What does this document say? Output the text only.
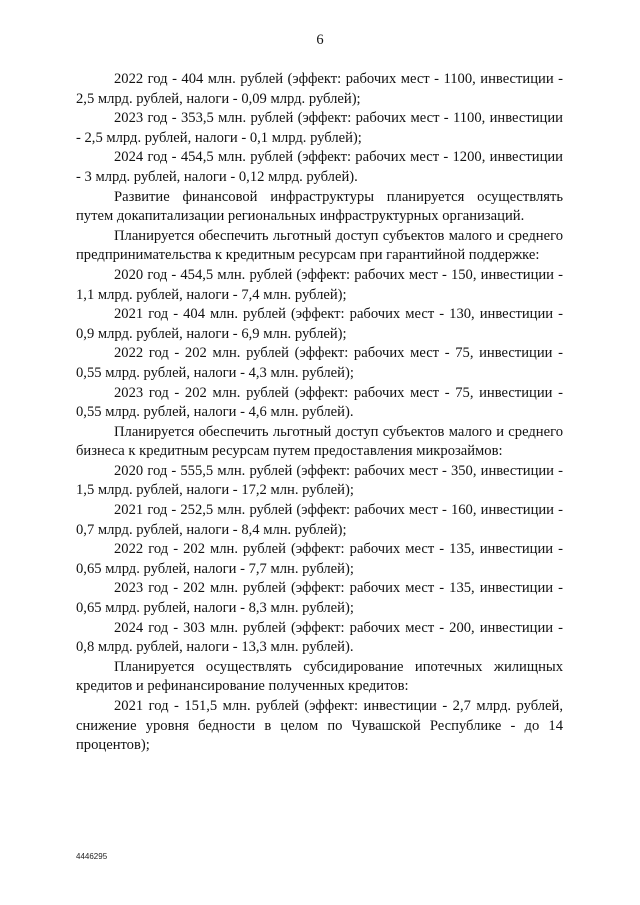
6

2022 год - 404 млн. рублей (эффект: рабочих мест - 1100, инвестиции - 2,5 млрд. рублей, налоги - 0,09 млрд. рублей);

2023 год - 353,5 млн. рублей (эффект: рабочих мест - 1100, инвестиции - 2,5 млрд. рублей, налоги - 0,1 млрд. рублей);

2024 год - 454,5 млн. рублей (эффект: рабочих мест - 1200, инвестиции - 3 млрд. рублей, налоги - 0,12 млрд. рублей).

Развитие финансовой инфраструктуры планируется осуществлять путем докапитализации региональных инфраструктурных организаций.

Планируется обеспечить льготный доступ субъектов малого и среднего предпринимательства к кредитным ресурсам при гарантийной поддержке:

2020 год - 454,5 млн. рублей (эффект: рабочих мест - 150, инвестиции - 1,1 млрд. рублей, налоги - 7,4 млн. рублей);

2021 год - 404 млн. рублей (эффект: рабочих мест - 130, инвестиции - 0,9 млрд. рублей, налоги - 6,9 млн. рублей);

2022 год - 202 млн. рублей (эффект: рабочих мест - 75, инвестиции - 0,55 млрд. рублей, налоги - 4,3 млн. рублей);

2023 год - 202 млн. рублей (эффект: рабочих мест - 75, инвестиции - 0,55 млрд. рублей, налоги - 4,6 млн. рублей).

Планируется обеспечить льготный доступ субъектов малого и среднего бизнеса к кредитным ресурсам путем предоставления микрозаймов:

2020 год - 555,5 млн. рублей (эффект: рабочих мест - 350, инвестиции - 1,5 млрд. рублей, налоги - 17,2 млн. рублей);

2021 год - 252,5 млн. рублей (эффект: рабочих мест - 160, инвестиции - 0,7 млрд. рублей, налоги - 8,4 млн. рублей);

2022 год - 202 млн. рублей (эффект: рабочих мест - 135, инвестиции - 0,65 млрд. рублей, налоги - 7,7 млн. рублей);

2023 год - 202 млн. рублей (эффект: рабочих мест - 135, инвестиции - 0,65 млрд. рублей, налоги - 8,3 млн. рублей);

2024 год - 303 млн. рублей (эффект: рабочих мест - 200, инвестиции - 0,8 млрд. рублей, налоги - 13,3 млн. рублей).

Планируется осуществлять субсидирование ипотечных жилищных кредитов и рефинансирование полученных кредитов:

2021 год - 151,5 млн. рублей (эффект: инвестиции - 2,7 млрд. рублей, снижение уровня бедности в целом по Чувашской Республике - до 14 процентов);

4446295
